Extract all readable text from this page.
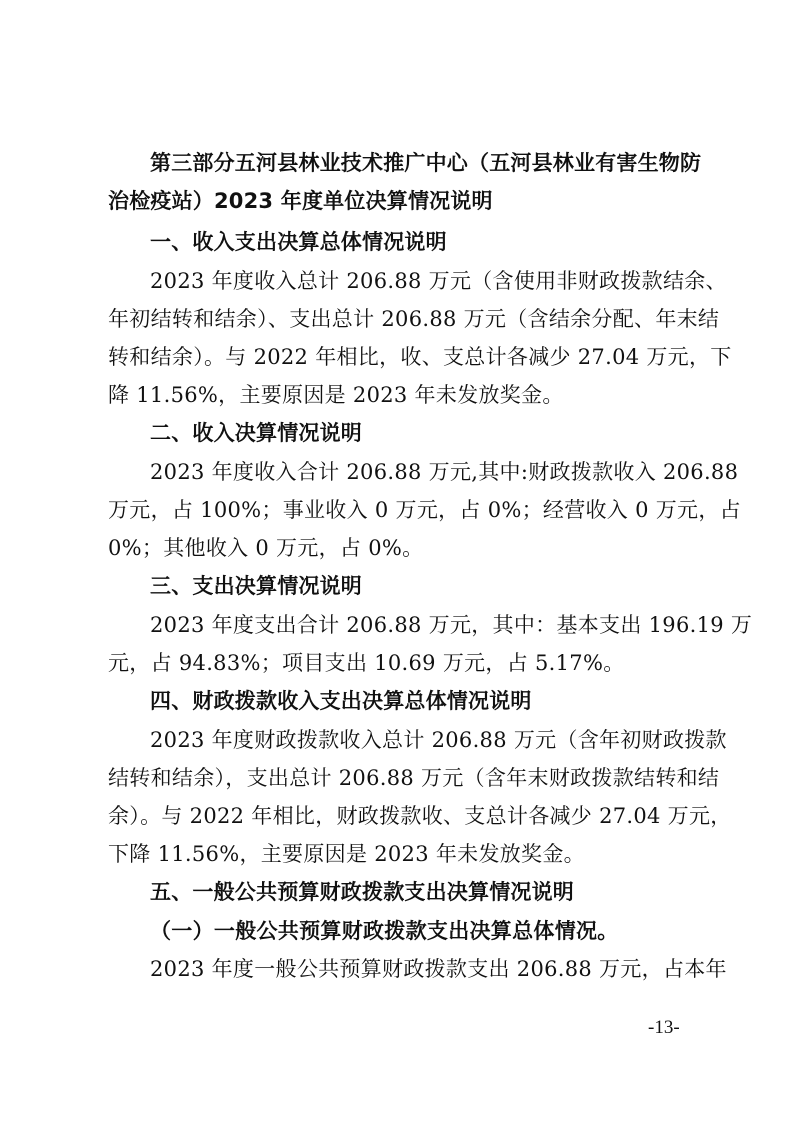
第三部分五河县林业技术推广中心（五河县林业有害生物防
治检疫站）2023 年度单位决算情况说明
一、收入支出决算总体情况说明
2023 年度收入总计 206.88 万元（含使用非财政拨款结余、
年初结转和结余）、支出总计 206.88 万元（含结余分配、年末结
转和结余）。与 2022 年相比，收、支总计各减少 27.04 万元，下
降 11.56%，主要原因是 2023 年未发放奖金。
二、收入决算情况说明
2023 年度收入合计 206.88 万元,其中:财政拨款收入 206.88
万元，占 100%；事业收入 0 万元，占 0%；经营收入 0 万元，占
0%；其他收入 0 万元，占 0%。
三、支出决算情况说明
2023 年度支出合计 206.88 万元，其中：基本支出 196.19 万
元，占 94.83%；项目支出 10.69 万元，占 5.17%。
四、财政拨款收入支出决算总体情况说明
2023 年度财政拨款收入总计 206.88 万元（含年初财政拨款
结转和结余），支出总计 206.88 万元（含年末财政拨款结转和结
余）。与 2022 年相比，财政拨款收、支总计各减少 27.04 万元，
下降 11.56%，主要原因是 2023 年未发放奖金。
五、一般公共预算财政拨款支出决算情况说明
（一）一般公共预算财政拨款支出决算总体情况。
2023 年度一般公共预算财政拨款支出 206.88 万元，占本年
-13-
